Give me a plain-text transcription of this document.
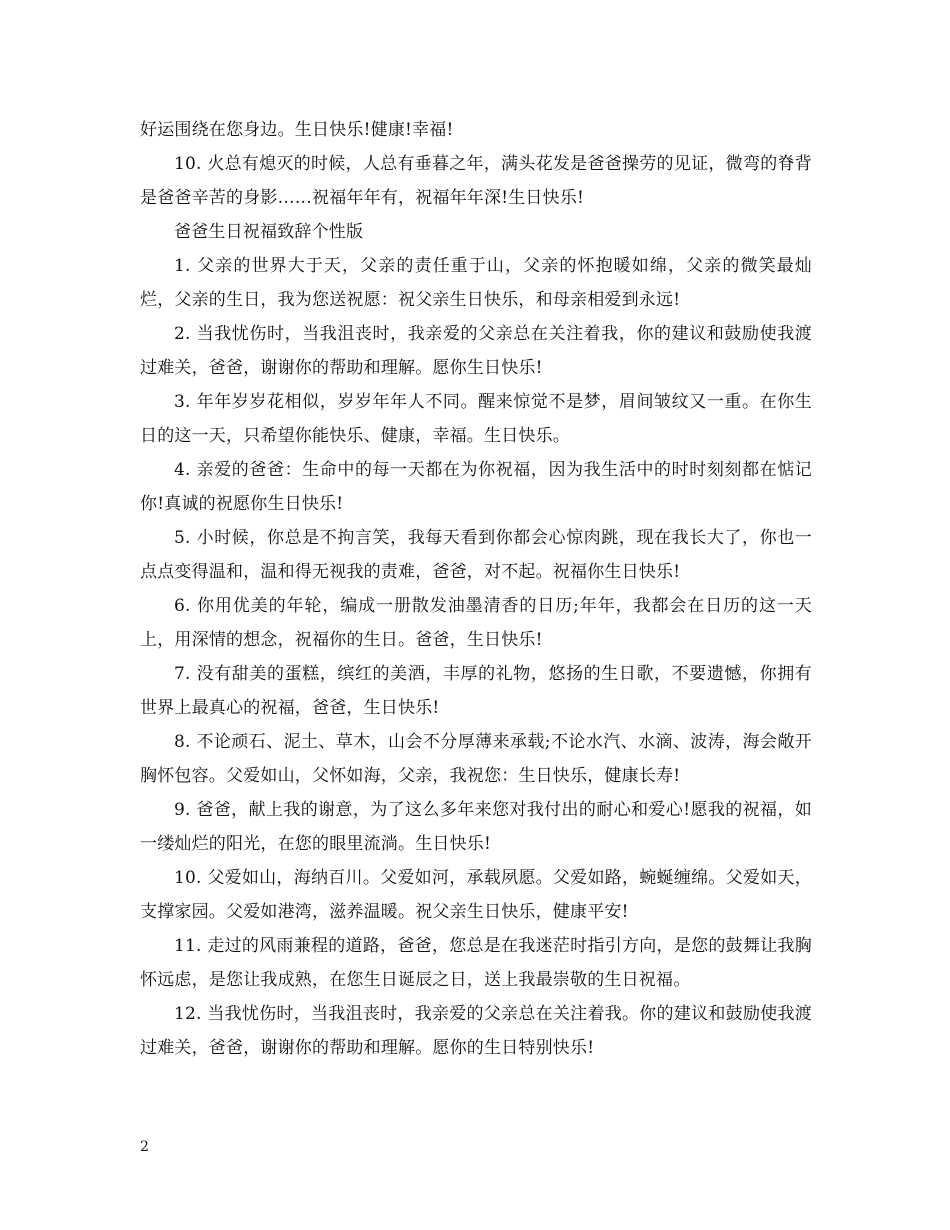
好运围绕在您身边。生日快乐!健康!幸福!

10. 火总有熄灭的时候，人总有垂暮之年，满头花发是爸爸操劳的见证，微弯的脊背是爸爸辛苦的身影……祝福年年有，祝福年年深!生日快乐!

爸爸生日祝福致辞个性版

1. 父亲的世界大于天，父亲的责任重于山，父亲的怀抱暖如绵，父亲的微笑最灿烂，父亲的生日，我为您送祝愿：祝父亲生日快乐，和母亲相爱到永远!

2. 当我忧伤时，当我沮丧时，我亲爱的父亲总在关注着我，你的建议和鼓励使我渡过难关，爸爸，谢谢你的帮助和理解。愿你生日快乐!

3. 年年岁岁花相似，岁岁年年人不同。醒来惊觉不是梦，眉间皱纹又一重。在你生日的这一天，只希望你能快乐、健康，幸福。生日快乐。

4. 亲爱的爸爸：生命中的每一天都在为你祝福，因为我生活中的时时刻刻都在惦记你!真诚的祝愿你生日快乐!

5. 小时候，你总是不拘言笑，我每天看到你都会心惊肉跳，现在我长大了，你也一点点变得温和，温和得无视我的责难，爸爸，对不起。祝福你生日快乐!

6. 你用优美的年轮，编成一册散发油墨清香的日历;年年，我都会在日历的这一天上，用深情的想念，祝福你的生日。爸爸，生日快乐!

7. 没有甜美的蛋糕，缤红的美酒，丰厚的礼物，悠扬的生日歌，不要遗憾，你拥有世界上最真心的祝福，爸爸，生日快乐!

8. 不论顽石、泥土、草木，山会不分厚薄来承载;不论水汽、水滴、波涛，海会敞开胸怀包容。父爱如山，父怀如海，父亲，我祝您：生日快乐，健康长寿!

9. 爸爸，献上我的谢意，为了这么多年来您对我付出的耐心和爱心!愿我的祝福，如一缕灿烂的阳光，在您的眼里流淌。生日快乐!

10. 父爱如山，海纳百川。父爱如河，承载夙愿。父爱如路，蜿蜒缠绵。父爱如天，支撑家园。父爱如港湾，滋养温暖。祝父亲生日快乐，健康平安!

11. 走过的风雨兼程的道路，爸爸，您总是在我迷茫时指引方向，是您的鼓舞让我胸怀远虑，是您让我成熟，在您生日诞辰之日，送上我最崇敬的生日祝福。

12. 当我忧伤时，当我沮丧时，我亲爱的父亲总在关注着我。你的建议和鼓励使我渡过难关，爸爸，谢谢你的帮助和理解。愿你的生日特别快乐!

2
